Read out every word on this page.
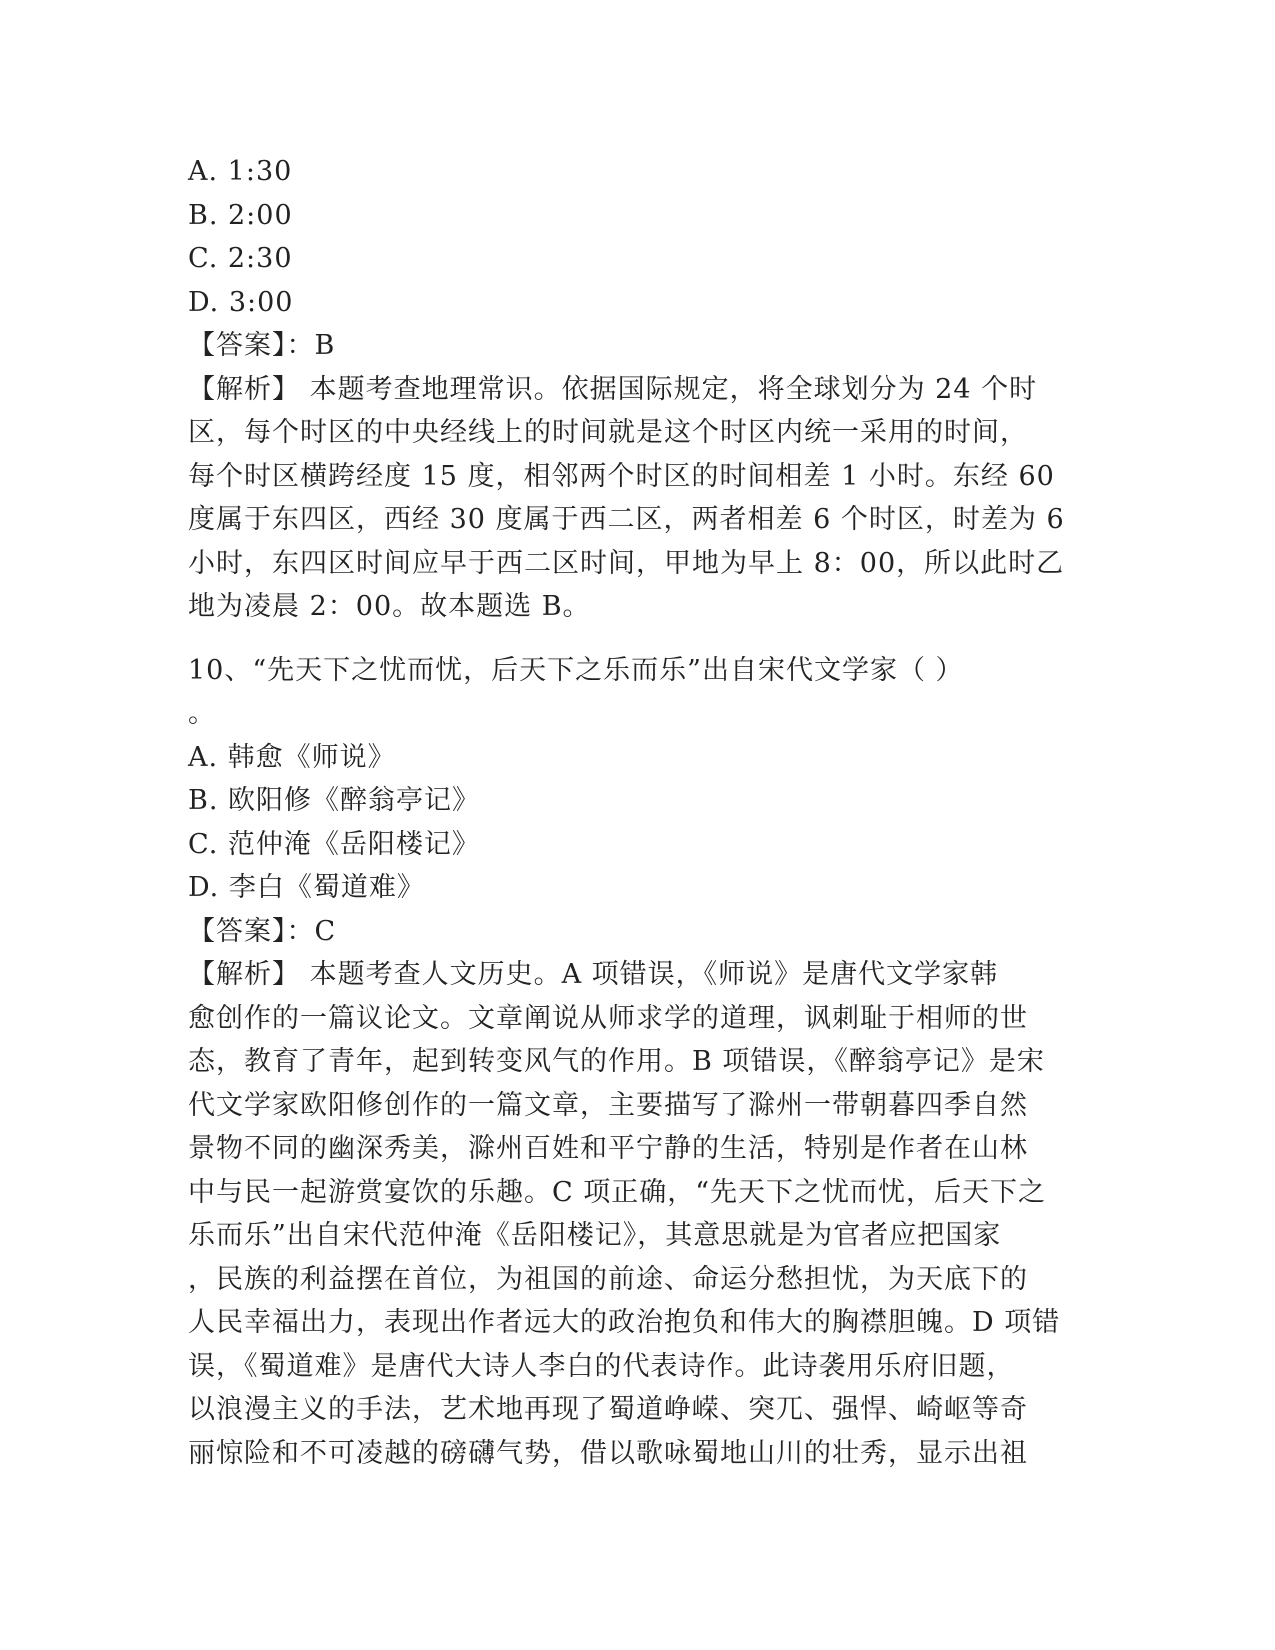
A. 1:30
B. 2:00
C. 2:30
D. 3:00
【答案】：B
【解析】 本题考查地理常识。依据国际规定，将全球划分为 24 个时
区，每个时区的中央经线上的时间就是这个时区内统一采用的时间，
每个时区横跨经度 15 度，相邻两个时区的时间相差 1 小时。东经 60
度属于东四区，西经 30 度属于西二区，两者相差 6 个时区，时差为 6
小时，东四区时间应早于西二区时间，甲地为早上 8：00，所以此时乙
地为凌晨 2：00。故本题选 B。
10、“先天下之忧而忧，后天下之乐而乐”出自宋代文学家（ ）
。
A. 韩愈《师说》
B. 欧阳修《醉翁亭记》
C. 范仲淹《岳阳楼记》
D. 李白《蜀道难》
【答案】：C
【解析】 本题考查人文历史。A 项错误，《师说》是唐代文学家韩
愈创作的一篇议论文。文章阐说从师求学的道理，讽刺耻于相师的世
态，教育了青年，起到转变风气的作用。B 项错误，《醉翁亭记》是宋
代文学家欧阳修创作的一篇文章，主要描写了滁州一带朝暮四季自然
景物不同的幽深秀美，滁州百姓和平宁静的生活，特别是作者在山林
中与民一起游赏宴饮的乐趣。C 项正确，“先天下之忧而忧，后天下之
乐而乐”出自宋代范仲淹《岳阳楼记》，其意思就是为官者应把国家
，民族的利益摆在首位，为祖国的前途、命运分愁担忧，为天底下的
人民幸福出力，表现出作者远大的政治抱负和伟大的胸襟胆魄。D 项错
误，《蜀道难》是唐代大诗人李白的代表诗作。此诗袭用乐府旧题，
以浪漫主义的手法，艺术地再现了蜀道峥嵘、突兀、强悍、崎岖等奇
丽惊险和不可凌越的磅礴气势，借以歌咏蜀地山川的壮秀，显示出祖
